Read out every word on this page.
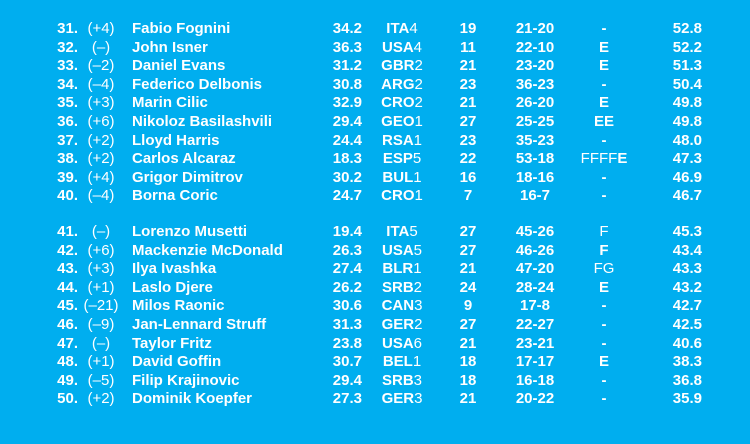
31. (+4)	Fabio Fognini	34.2	ITA4	19	21-20	-	52.8
32. (–)	John Isner	36.3	USA4	11	22-10	E	52.2
33. (–2)	Daniel Evans	31.2	GBR2	21	23-20	E	51.3
34. (–4)	Federico Delbonis	30.8	ARG2	23	36-23	-	50.4
35. (+3)	Marin Cilic	32.9	CRO2	21	26-20	E	49.8
36. (+6)	Nikoloz Basilashvili	29.4	GEO1	27	25-25	EE	49.8
37. (+2)	Lloyd Harris	24.4	RSA1	23	35-23	-	48.0
38. (+2)	Carlos Alcaraz	18.3	ESP5	22	53-18	FFFFE	47.3
39. (+4)	Grigor Dimitrov	30.2	BUL1	16	18-16	-	46.9
40. (–4)	Borna Coric	24.7	CRO1	7	16-7	-	46.7
41. (–)	Lorenzo Musetti	19.4	ITA5	27	45-26	F	45.3
42. (+6)	Mackenzie McDonald	26.3	USA5	27	46-26	F	43.4
43. (+3)	Ilya Ivashka	27.4	BLR1	21	47-20	FG	43.3
44. (+1)	Laslo Djere	26.2	SRB2	24	28-24	E	43.2
45. (–21) Milos Raonic	30.6	CAN3	9	17-8	-	42.7
46. (–9)	Jan-Lennard Struff	31.3	GER2	27	22-27	-	42.5
47. (–)	Taylor Fritz	23.8	USA6	21	23-21	-	40.6
48. (+1)	David Goffin	30.7	BEL1	18	17-17	E	38.3
49. (–5)	Filip Krajinovic	29.4	SRB3	18	16-18	-	36.8
50. (+2)	Dominik Koepfer	27.3	GER3	21	20-22	-	35.9
